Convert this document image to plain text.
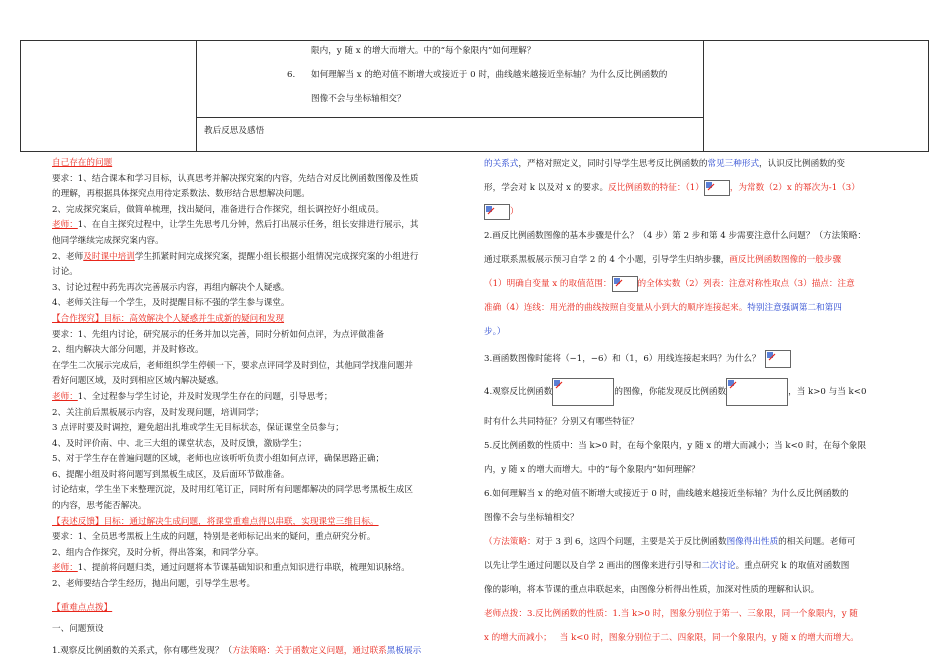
限内，y 随 x 的增大而增大。中的“每个象限内”如何理解？
6. 如何理解当 x 的绝对值不断增大或接近于 0 时，曲线越来越接近坐标轴？为什么反比例函数的
图像不会与坐标轴相交？
教后反思及感悟
自己存在的问题
要求：1、结合课本和学习目标，认真思考并解决探究案的内容，先结合对反比例函数图像及性质
的理解，再根据具体探究点用待定系数法、数形结合思想解决问题。
2、完成探究案后，做简单梳理，找出疑问，准备进行合作探究，组长调控好小组成员。
老师：1、在自主探究过程中，让学生先思考几分钟，然后打出展示任务，组长安排进行展示，其
他同学继续完成探究案内容。
2、老师及时课中培训学生抓紧时间完成探究案，提醒小组长根据小组情况完成探究案的小组进行
讨论。
3、讨论过程中药先再次完善展示内容，再组内解决个人疑惑。
4、老师关注每一个学生，及时提醒目标不强的学生参与课堂。
【合作探究】目标：高效解决个人疑惑并生成新的疑问和发现
要求：1、先组内讨论，研究展示的任务并加以完善，同时分析如何点评，为点评做准备
2、组内解决大部分问题，并及时修改。
在学生二次展示完成后，老师组织学生停顿一下，要求点评同学及时到位，其他同学找准问题并
看好问题区域，及时到相应区域内解决疑惑。
老师：1、全过程参与学生讨论，并及时发现学生存在的问题，引导思考；
2、关注前后黑板展示内容，及时发现问题，培训同学；
3 点评时要及时调控，避免超出扎堆或学生无目标状态，保证课堂全员参与；
4、及时评价南、中、北三大组的课堂状态，及时反馈，激励学生；
5、对于学生存在普遍问题的区域，老师也应该听听负责小组如何点评，确保思路正确；
6、提醒小组及时将问题写到黑板生成区，及后面环节做准备。
讨论结束，学生坐下来整理沉淀，及时用红笔订正，同时所有问题都解决的同学思考黑板生成区
的内容，思考能否解决。
【表述反馈】目标：通过解决生成问题，将课堂重难点得以串联，实现课堂三维目标。
要求：1、全员思考黑板上生成的问题，特别是老师标记出来的疑问，重点研究分析。
2、组内合作探究，及时分析，得出答案，和同学分享。
老师：1、提前将问题归类，通过问题将本节课基础知识和重点知识进行串联，梳理知识脉络。
2、老师要结合学生经历，抛出问题，引导学生思考。
【重难点点拨】
一、问题预设
1.观察反比例函数的关系式，你有哪些发现？（方法策略：关于函数定义问题，通过联系黑板展示
的关系式，严格对照定义，同时引导学生思考反比例函数的常见三种形式，认识反比例函数的变
形，学会对 k 以及对 x 的要求。反比例函数的特征：（1）	，为常数（2）x 的幂次为-1（3）
）
2.画反比例函数图像的基本步骤是什么？（4 步）第 2 步和第 4 步需要注意什么问题？（方法策略：
通过联系黑板展示预习自学 2 的 4 个小题，引导学生归纳步骤，画反比例函数图像的一般步骤
（1）明确自变量 x 的取值范围：	的全体实数（2）列表：注意对称性取点（3）描点：注意
准确（4）连线：用光滑的曲线按照自变量从小到大的顺序连接起来。特别注意强调第二和第四
步。）
3.画函数图像时能将（−1，−6）和（1，6）用线连接起来吗？为什么？
4.观察反比例函数	的图像，你能发现反比例函数	，当 k>0 与当 k<0
时有什么共同特征？分别又有哪些特征？
5.反比例函数的性质中：当 k>0 时，在每个象限内，y 随 x 的增大而减小；当 k<0 时，在每个象限
内，y 随 x 的增大而增大。中的“每个象限内”如何理解？
6.如何理解当 x 的绝对值不断增大或接近于 0 时，曲线越来越接近坐标轴？为什么反比例函数的
图像不会与坐标轴相交？
（方法策略：对于 3 到 6，这四个问题，主要是关于反比例函数图像得出性质的相关问题。老师可
以先让学生通过问题以及自学 2 画出的图像来进行引导和二次讨论。重点研究 k 的取值对函数图
像的影响，将本节课的重点串联起来，由图像分析得出性质，加深对性质的理解和认识。
老师点拨：3.反比例函数的性质：1.当 k>0 时，图象分别位于第一、三象限，同一个象限内，y 随
x 的增大而减小； 当 k<0 时，图象分别位于二、四象限，同一个象限内，y 随 x 的增大而增大。
